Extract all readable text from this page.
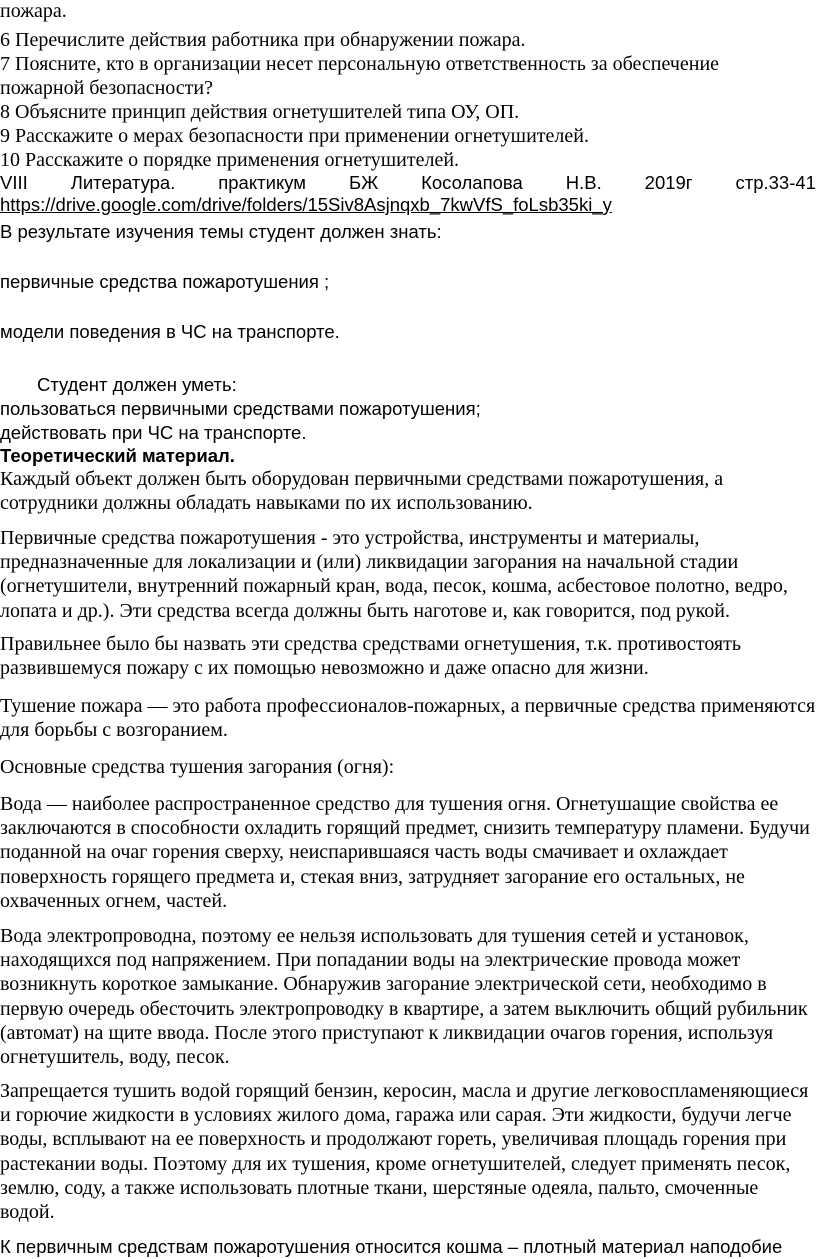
пожара.
6 Перечислите действия работника при обнаружении пожара.
7 Поясните, кто в организации несет персональную ответственность за обеспечение
пожарной безопасности?
8 Объясните принцип действия огнетушителей типа ОУ, ОП.
9 Расскажите о мерах безопасности при применении огнетушителей.
10 Расскажите о порядке применения огнетушителей.
VIII Литература. практикум БЖ Косолапова Н.В. 2019г стр.33-41
https://drive.google.com/drive/folders/15Siv8Asjnqxb_7kwVfS_foLsb35ki_y
В результате изучения темы студент должен знать:
первичные средства пожаротушения ;
модели поведения в ЧС на транспорте.
Студент должен уметь:
пользоваться первичными средствами пожаротушения;
действовать при ЧС на транспорте.
Теоретический материал.
Каждый объект должен быть оборудован первичными средствами пожаротушения, а сотрудники должны обладать навыками по их использованию.
Первичные средства пожаротушения - это устройства, инструменты и материалы, предназначенные для локализации и (или) ликвидации загорания на начальной стадии (огнетушители, внутренний пожарный кран, вода, песок, кошма, асбестовое полотно, ведро, лопата и др.). Эти средства всегда должны быть наготове и, как говорится, под рукой.
Правильнее было бы назвать эти средства средствами огнетушения, т.к. противостоять развившемуся пожару с их помощью невозможно и даже опасно для жизни.
Тушение пожара — это работа профессионалов-пожарных, а первичные средства применяются для борьбы с возгоранием.
Основные средства тушения загорания (огня):
Вода — наиболее распространенное средство для тушения огня. Огнетушащие свойства ее заключаются в способности охладить горящий предмет, снизить температуру пламени. Будучи поданной на очаг горения сверху, неиспарившаяся часть воды смачивает и охлаждает поверхность горящего предмета и, стекая вниз, затрудняет загорание его остальных, не охваченных огнем, частей.
Вода электропроводна, поэтому ее нельзя использовать для тушения сетей и установок, находящихся под напряжением. При попадании воды на электрические провода может возникнуть короткое замыкание. Обнаружив загорание электрической сети, необходимо в первую очередь обесточить электропроводку в квартире, а затем выключить общий рубильник (автомат) на щите ввода. После этого приступают к ликвидации очагов горения, используя огнетушитель, воду, песок.
Запрещается тушить водой горящий бензин, керосин, масла и другие легковоспламеняющиеся и горючие жидкости в условиях жилого дома, гаража или сарая. Эти жидкости, будучи легче воды, всплывают на ее поверхность и продолжают гореть, увеличивая площадь горения при растекании воды. Поэтому для их тушения, кроме огнетушителей, следует применять песок, землю, соду, а также использовать плотные ткани, шерстяные одеяла, пальто, смоченные водой.
К первичным средствам пожаротушения относится кошма – плотный материал наподобие
